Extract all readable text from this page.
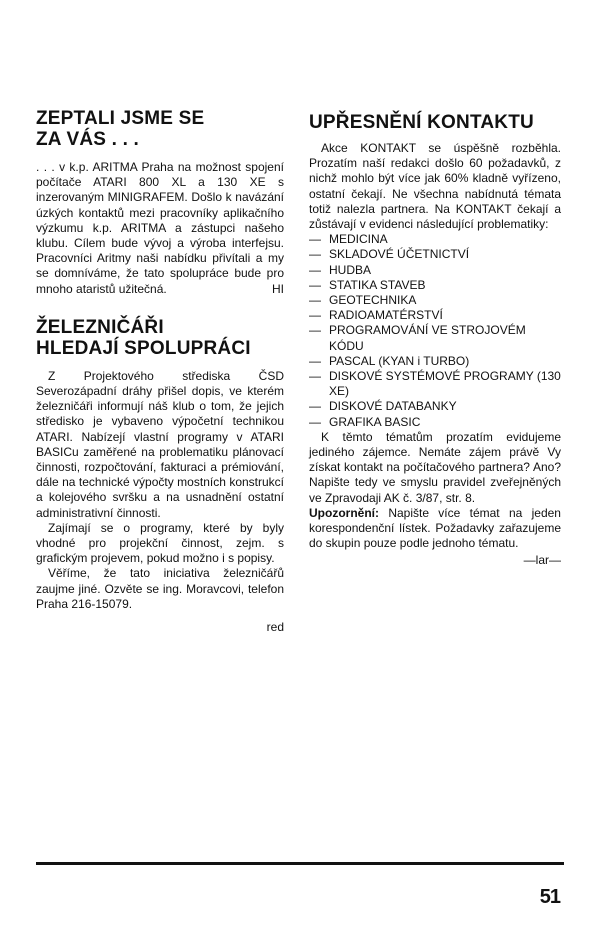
ZEPTALI JSME SE
ZA VÁS . . .

. . . v k.p. ARITMA Praha na možnost spojení počítače ATARI 800 XL a 130 XE s inzerovaným MINIGRAFEM. Došlo k navázání úzkých kontaktů mezi pracovníky aplikačního výzkumu k.p. ARITMA a zástupci našeho klubu. Cílem bude vývoj a výroba interfejsu. Pracovníci Aritmy naši nabídku přivítali a my se domníváme, že tato spolupráce bude pro mnoho ataristů užitečná.	HI

ŽELEZNIČÁŘI
HLEDAJÍ SPOLUPRÁCI

Z Projektového střediska ČSD Severozápadní dráhy přišel dopis, ve kterém železničáři informují náš klub o tom, že jejich středisko je vybaveno výpočetní technikou ATARI. Nabízejí vlastní programy v ATARI BASICu zaměřené na problematiku plánovací činnosti, rozpočtování, fakturaci a prémiování, dále na technické výpočty mostních konstrukcí a kolejového svršku a na usnadnění ostatní administrativní činnosti.

Zajímají se o programy, které by byly vhodné pro projekční činnost, zejm. s grafickým projevem, pokud možno i s popisy.

Věříme, že tato iniciativa železničářů zaujme jiné. Ozvěte se ing. Moravcovi, telefon Praha 216-15079.

red
UPŘESNĚNÍ KONTAKTU

Akce KONTAKT se úspěšně rozběhla. Prozatím naší redakci došlo 60 požadavků, z nichž mohlo být více jak 60% kladně vyřízeno, ostatní čekají. Ne všechna nabídnutá témata totiž nalezla partnera. Na KONTAKT čekají a zůstávají v evidenci následující problematiky:

— MEDICINA
— SKLADOVÉ ÚČETNICTVÍ
— HUDBA
— STATIKA STAVEB
— GEOTECHNIKA
— RADIOAMATÉRSTVÍ
— PROGRAMOVÁNÍ VE STROJOVÉM KÓDU
— PASCAL (KYAN i TURBO)
— DISKOVÉ SYSTÉMOVÉ PROGRAMY (130 XE)
— DISKOVÉ DATABANKY
— GRAFIKA BASIC

K těmto tématům prozatím evidujeme jediného zájemce. Nemáte zájem právě Vy získat kontakt na počítačového partnera? Ano? Napište tedy ve smyslu pravidel zveřejněných ve Zpravodaji AK č. 3/87, str. 8.

Upozornění: Napište více témat na jeden korespondenční lístek. Požadavky zařazujeme do skupin pouze podle jednoho tématu.

—lar—
51
